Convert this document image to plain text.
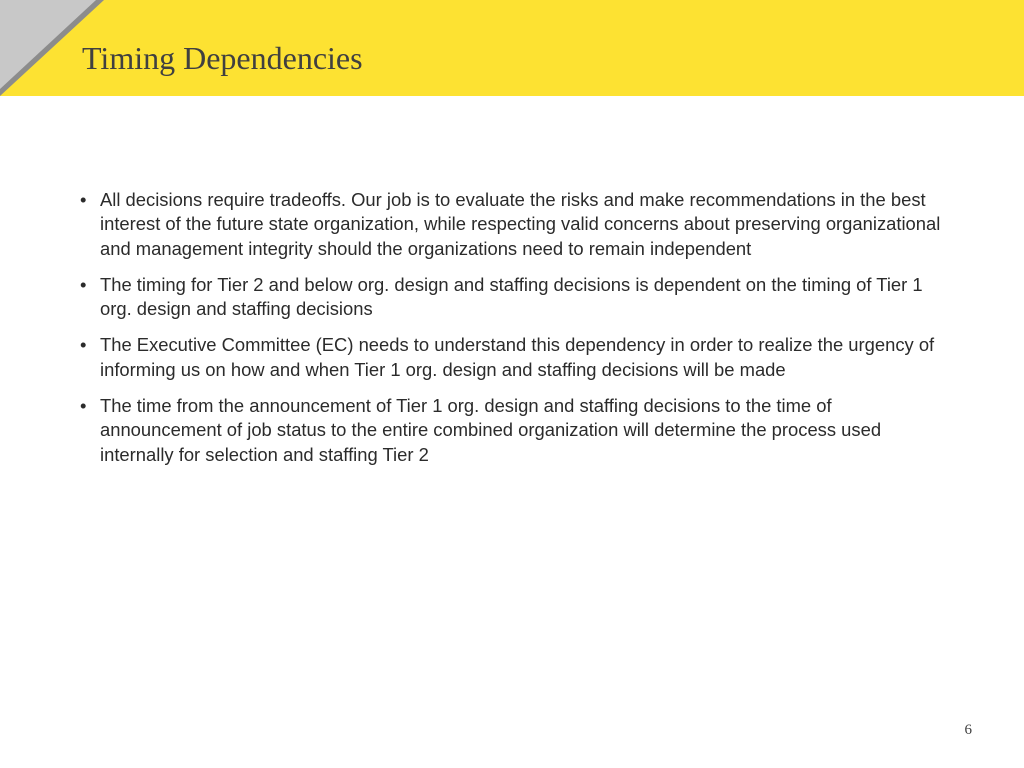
Timing Dependencies
• All decisions require tradeoffs. Our job is to evaluate the risks and make recommendations in the best interest of the future state organization, while respecting valid concerns about preserving organizational and management integrity should the organizations need to remain independent
• The timing for Tier 2 and below org. design and staffing decisions is dependent on the timing of Tier 1 org. design and staffing decisions
• The Executive Committee (EC) needs to understand this dependency in order to realize the urgency of informing us on how and when Tier 1 org. design and staffing decisions will be made
• The time from the announcement of Tier 1 org. design and staffing decisions to the time of announcement of job status to the entire combined organization will determine the process used internally for selection and staffing Tier 2
6
